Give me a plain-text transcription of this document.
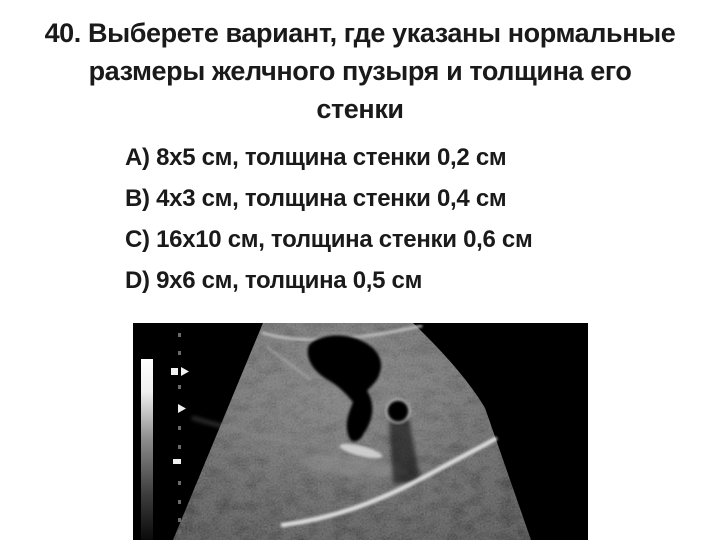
40. Выберете вариант, где указаны нормальные
размеры желчного пузыря и толщина его
стенки
A) 8x5 см, толщина стенки 0,2 см
B) 4x3 см, толщина стенки 0,4 см
C) 16x10 см, толщина стенки 0,6 см
D) 9x6 см, толщина 0,5 см
